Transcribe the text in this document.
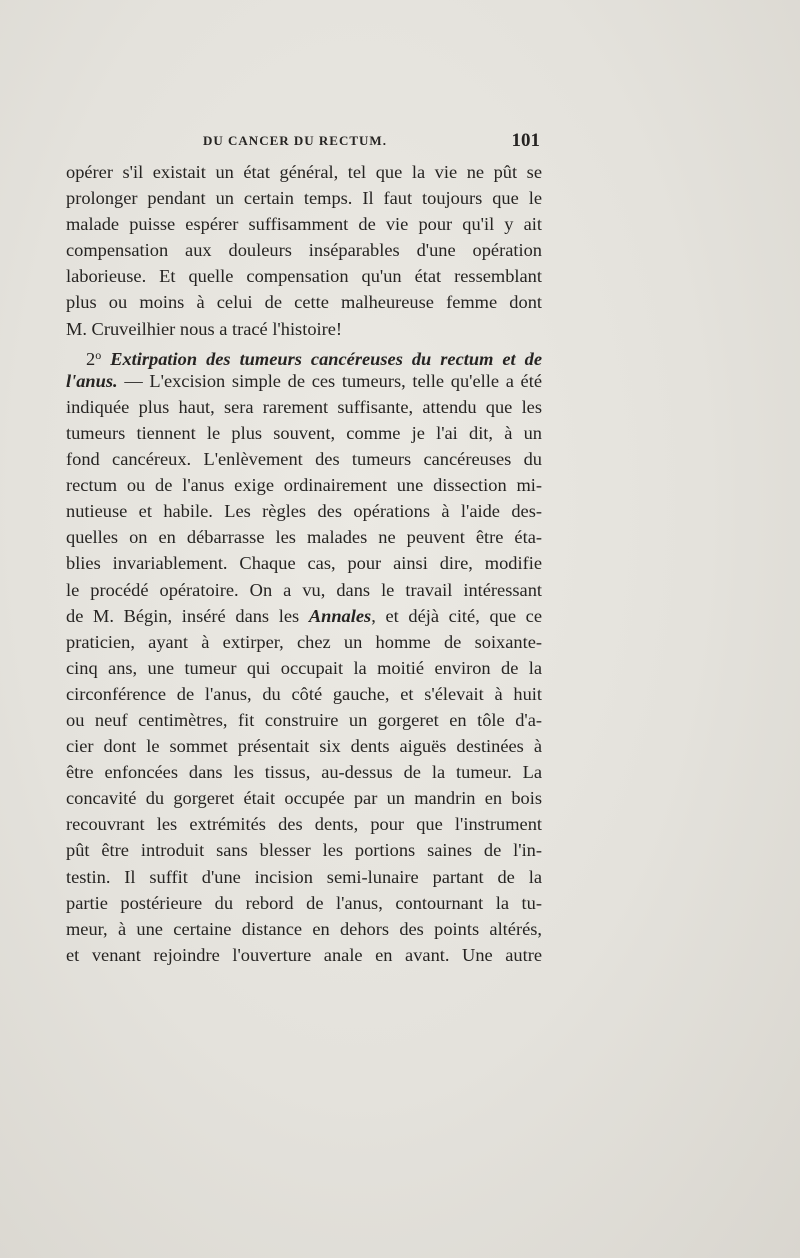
DU CANCER DU RECTUM.	101
opérer s'il existait un état général, tel que la vie ne pût se
prolonger pendant un certain temps. Il faut toujours que le
malade puisse espérer suffisamment de vie pour qu'il y ait
compensation aux douleurs inséparables d'une opération
laborieuse. Et quelle compensation qu'un état ressemblant
plus ou moins à celui de cette malheureuse femme dont
M. Cruveilhier nous a tracé l'histoire!
2$^o$ Extirpation des tumeurs cancéreuses du rectum et de
l'anus. — L'excision simple de ces tumeurs, telle qu'elle a été
indiquée plus haut, sera rarement suffisante, attendu que les
tumeurs tiennent le plus souvent, comme je l'ai dit, à un
fond cancéreux. L'enlèvement des tumeurs cancéreuses du
rectum ou de l'anus exige ordinairement une dissection mi-
nutieuse et habile. Les règles des opérations à l'aide des-
quelles on en débarrasse les malades ne peuvent être éta-
blies invariablement. Chaque cas, pour ainsi dire, modifie
le procédé opératoire. On a vu, dans le travail intéressant
de M. Bégin, inséré dans les Annales, et déjà cité, que ce
praticien, ayant à extirper, chez un homme de soixante-
cinq ans, une tumeur qui occupait la moitié environ de la
circonférence de l'anus, du côté gauche, et s'élevait à huit
ou neuf centimètres, fit construire un gorgeret en tôle d'a-
cier dont le sommet présentait six dents aiguës destinées à
être enfoncées dans les tissus, au-dessus de la tumeur. La
concavité du gorgeret était occupée par un mandrin en bois
recouvrant les extrémités des dents, pour que l'instrument
pût être introduit sans blesser les portions saines de l'in-
testin. Il suffit d'une incision semi-lunaire partant de la
partie postérieure du rebord de l'anus, contournant la tu-
meur, à une certaine distance en dehors des points altérés,
et venant rejoindre l'ouverture anale en avant. Une autre
